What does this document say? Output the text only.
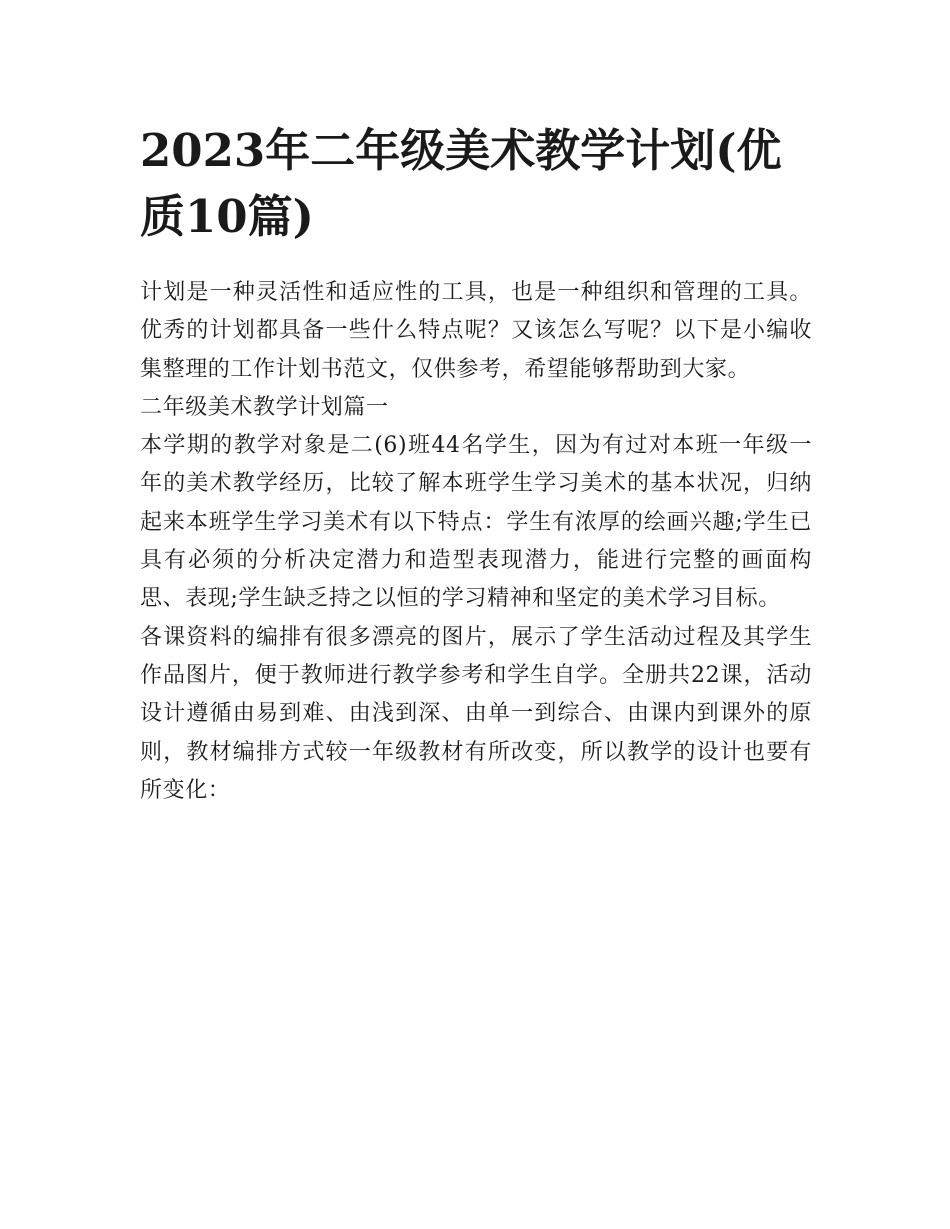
2023年二年级美术教学计划(优质10篇)

计划是一种灵活性和适应性的工具，也是一种组织和管理的工具。优秀的计划都具备一些什么特点呢？又该怎么写呢？以下是小编收集整理的工作计划书范文，仅供参考，希望能够帮助到大家。

二年级美术教学计划篇一

本学期的教学对象是二(6)班44名学生，因为有过对本班一年级一年的美术教学经历，比较了解本班学生学习美术的基本状况，归纳起来本班学生学习美术有以下特点：学生有浓厚的绘画兴趣;学生已具有必须的分析决定潜力和造型表现潜力，能进行完整的画面构思、表现;学生缺乏持之以恒的学习精神和坚定的美术学习目标。

各课资料的编排有很多漂亮的图片，展示了学生活动过程及其学生作品图片，便于教师进行教学参考和学生自学。全册共22课，活动设计遵循由易到难、由浅到深、由单一到综合、由课内到课外的原则，教材编排方式较一年级教材有所改变，所以教学的设计也要有所变化：
